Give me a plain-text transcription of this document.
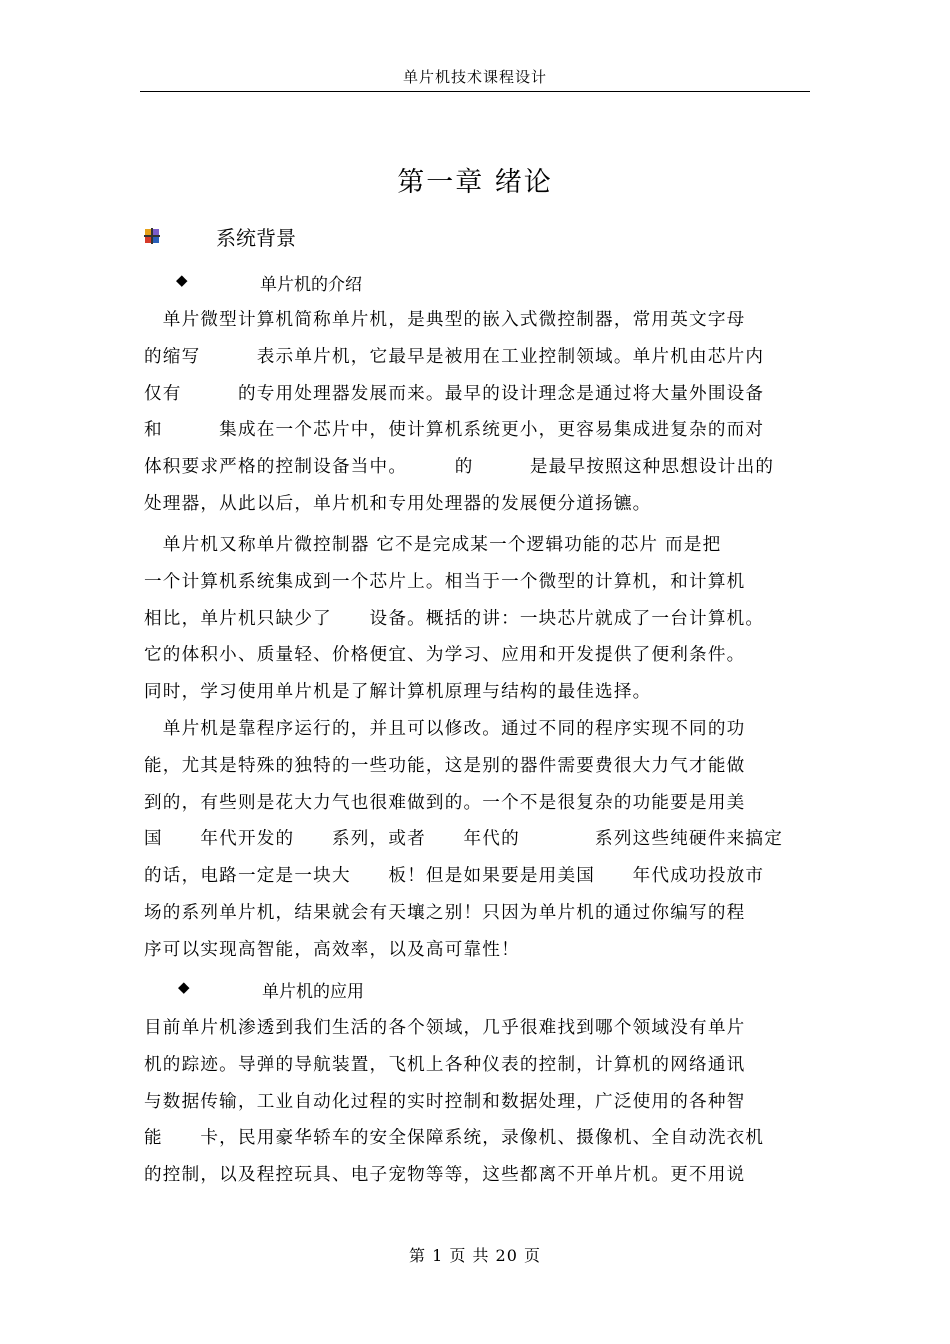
单片机技术课程设计
第一章 绪论
系统背景
◆	单片机的介绍
　单片微型计算机简称单片机，是典型的嵌入式微控制器，常用英文字母
的缩写　　　表示单片机，它最早是被用在工业控制领域。单片机由芯片内
仅有　　　的专用处理器发展而来。最早的设计理念是通过将大量外围设备
和　　　集成在一个芯片中，使计算机系统更小，更容易集成进复杂的而对
体积要求严格的控制设备当中。　　　的　　　是最早按照这种思想设计出的
处理器，从此以后，单片机和专用处理器的发展便分道扬镳。
　单片机又称单片微控制器 它不是完成某一个逻辑功能的芯片 而是把
一个计算机系统集成到一个芯片上。相当于一个微型的计算机，和计算机
相比，单片机只缺少了　　设备。概括的讲：一块芯片就成了一台计算机。
它的体积小、质量轻、价格便宜、为学习、应用和开发提供了便利条件。
同时，学习使用单片机是了解计算机原理与结构的最佳选择。
　单片机是靠程序运行的，并且可以修改。通过不同的程序实现不同的功
能，尤其是特殊的独特的一些功能，这是别的器件需要费很大力气才能做
到的，有些则是花大力气也很难做到的。一个不是很复杂的功能要是用美
国　　年代开发的　　系列，或者　　年代的　　　　系列这些纯硬件来搞定
的话，电路一定是一块大　　板！但是如果要是用美国　　年代成功投放市
场的系列单片机，结果就会有天壤之别！只因为单片机的通过你编写的程
序可以实现高智能，高效率，以及高可靠性！
◆	单片机的应用
目前单片机渗透到我们生活的各个领域，几乎很难找到哪个领域没有单片
机的踪迹。导弹的导航装置，飞机上各种仪表的控制，计算机的网络通讯
与数据传输，工业自动化过程的实时控制和数据处理，广泛使用的各种智
能　　卡，民用豪华轿车的安全保障系统，录像机、摄像机、全自动洗衣机
的控制，以及程控玩具、电子宠物等等，这些都离不开单片机。更不用说
第 1 页 共 20 页
